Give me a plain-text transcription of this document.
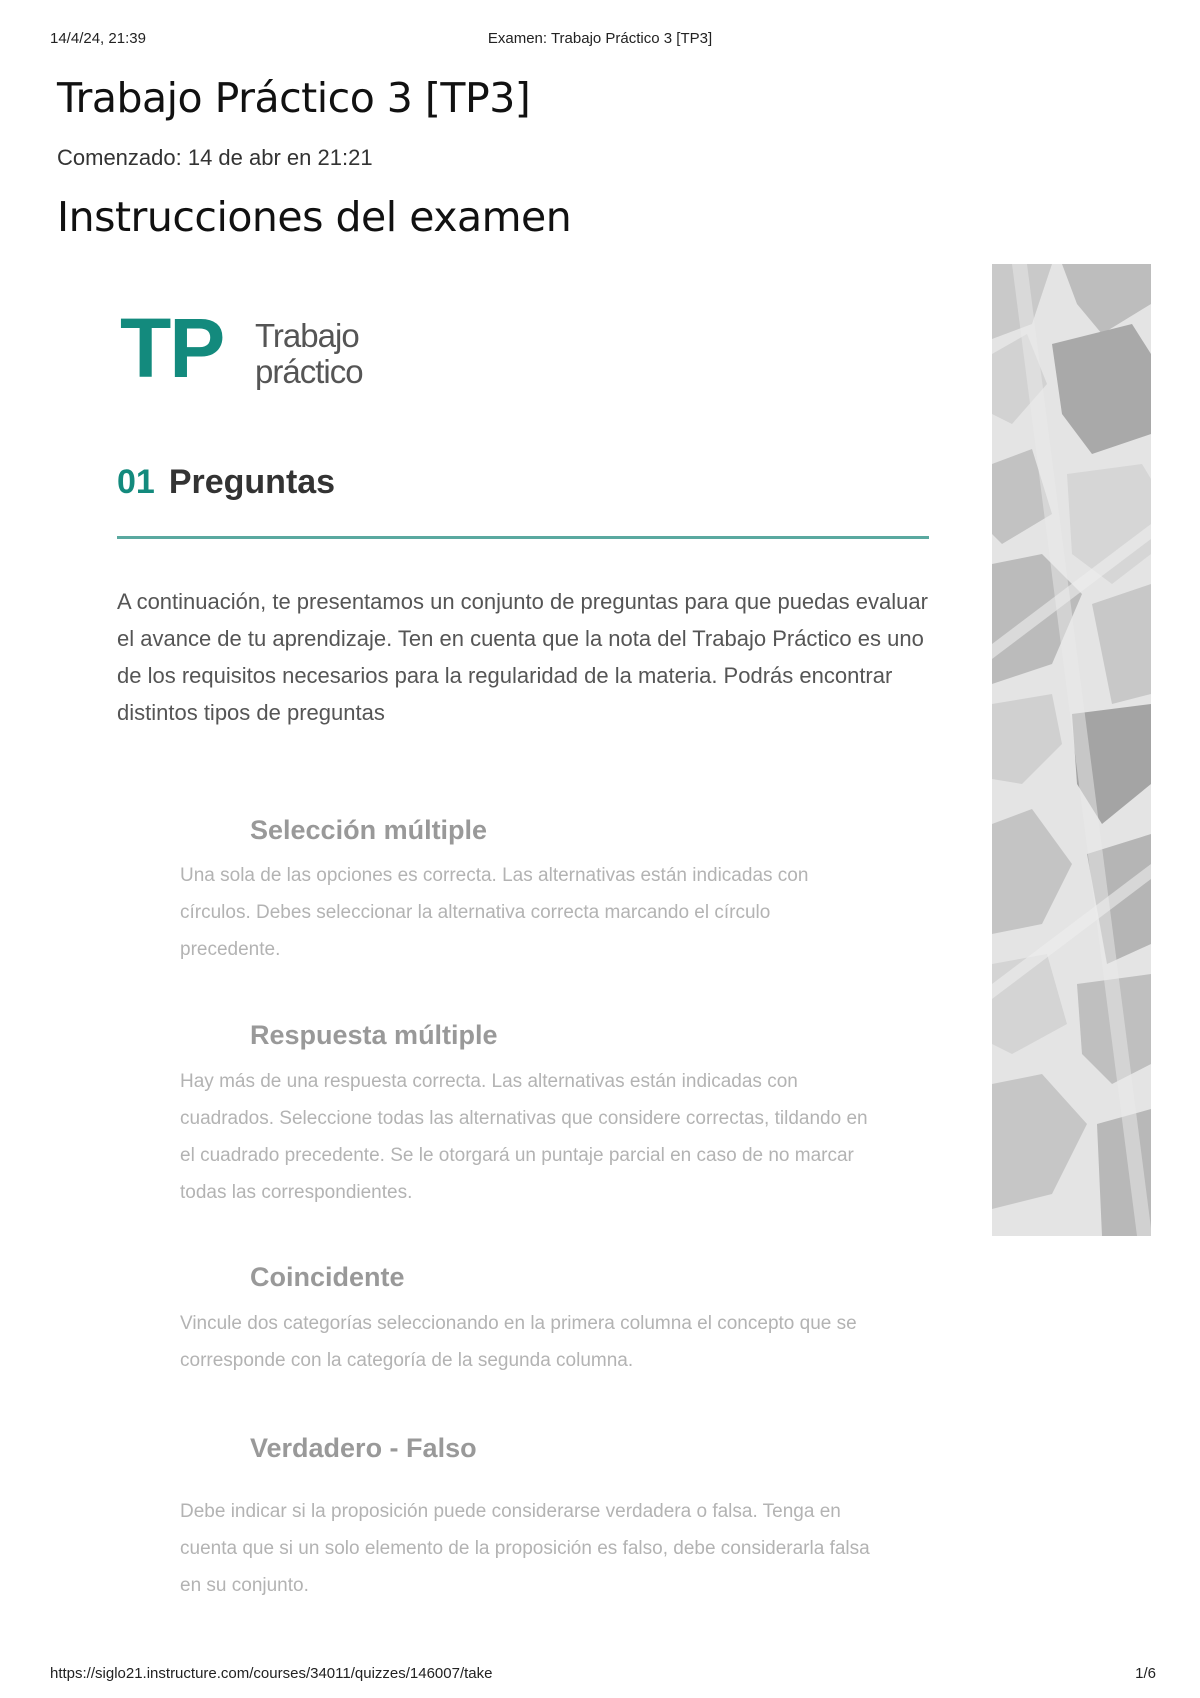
14/4/24, 21:39	Examen: Trabajo Práctico 3 [TP3]
Trabajo Práctico 3 [TP3]
Comenzado: 14 de abr en 21:21
Instrucciones del examen
TP Trabajo
práctico
01 Preguntas

A continuación, te presentamos un conjunto de preguntas para que puedas evaluar el avance de tu aprendizaje. Ten en cuenta que la nota del Trabajo Práctico es uno de los requisitos necesarios para la regularidad de la materia. Podrás encontrar distintos tipos de preguntas

Selección múltiple

Una sola de las opciones es correcta. Las alternativas están indicadas con círculos. Debes seleccionar la alternativa correcta marcando el círculo precedente.

Respuesta múltiple

Hay más de una respuesta correcta. Las alternativas están indicadas con cuadrados. Seleccione todas las alternativas que considere correctas, tildando en el cuadrado precedente. Se le otorgará un puntaje parcial en caso de no marcar todas las correspondientes.

Coincidente

Vincule dos categorías seleccionando en la primera columna el concepto que se corresponde con la categoría de la segunda columna.

Verdadero - Falso

Debe indicar si la proposición puede considerarse verdadera o falsa. Tenga en cuenta que si un solo elemento de la proposición es falso, debe considerarla falsa en su conjunto.

https://siglo21.instructure.com/courses/34011/quizzes/146007/take	1/6
